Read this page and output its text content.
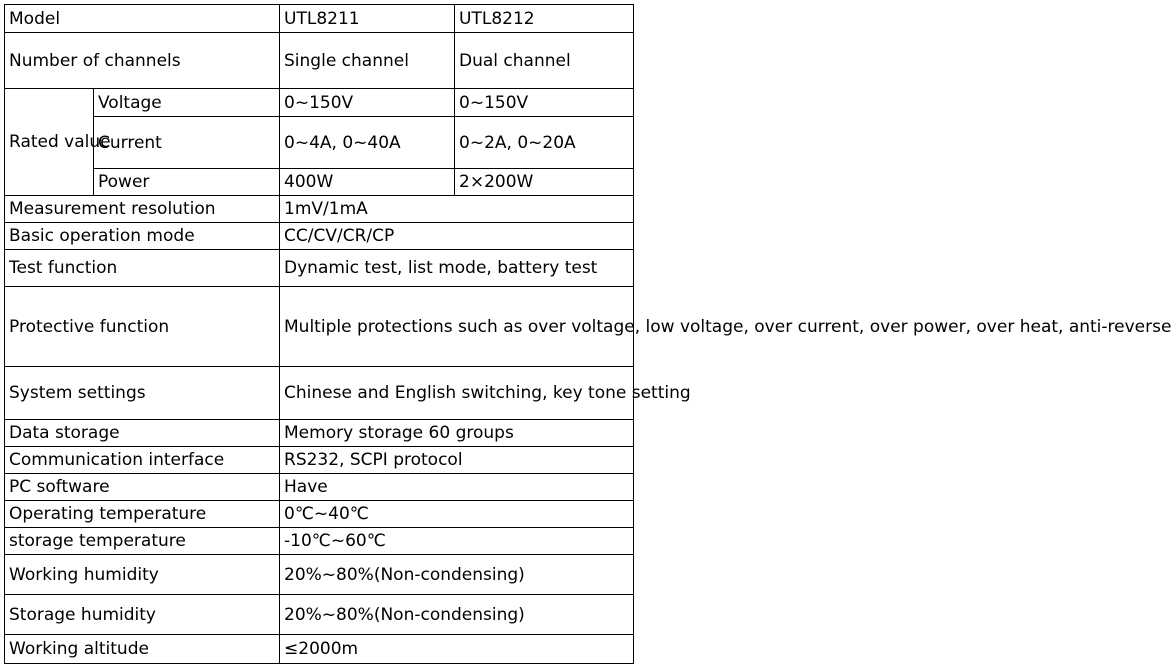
Model		UTL8211	UTL8212
Number of channels		Single channel	Dual channel
Rated value	Voltage	0~150V	0~150V
	Current	0~4A, 0~40A	0~2A, 0~20A
	Power	400W	2×200W
Measurement resolution		1mV/1mA	
Basic operation mode		CC/CV/CR/CP	
Test function		Dynamic test, list mode, battery test	
Protective function		Multiple protections such as over voltage, low voltage, over current, over power, over heat, anti-reverse	
System settings		Chinese and English switching, key tone setting	
Data storage		Memory storage 60 groups	
Communication interface		RS232, SCPI protocol	
PC software		Have	
Operating temperature		0℃~40℃	
storage temperature		-10℃~60℃	
Working humidity		20%~80%(Non-condensing)	
Storage humidity		20%~80%(Non-condensing)	
Working altitude		≤2000m	
